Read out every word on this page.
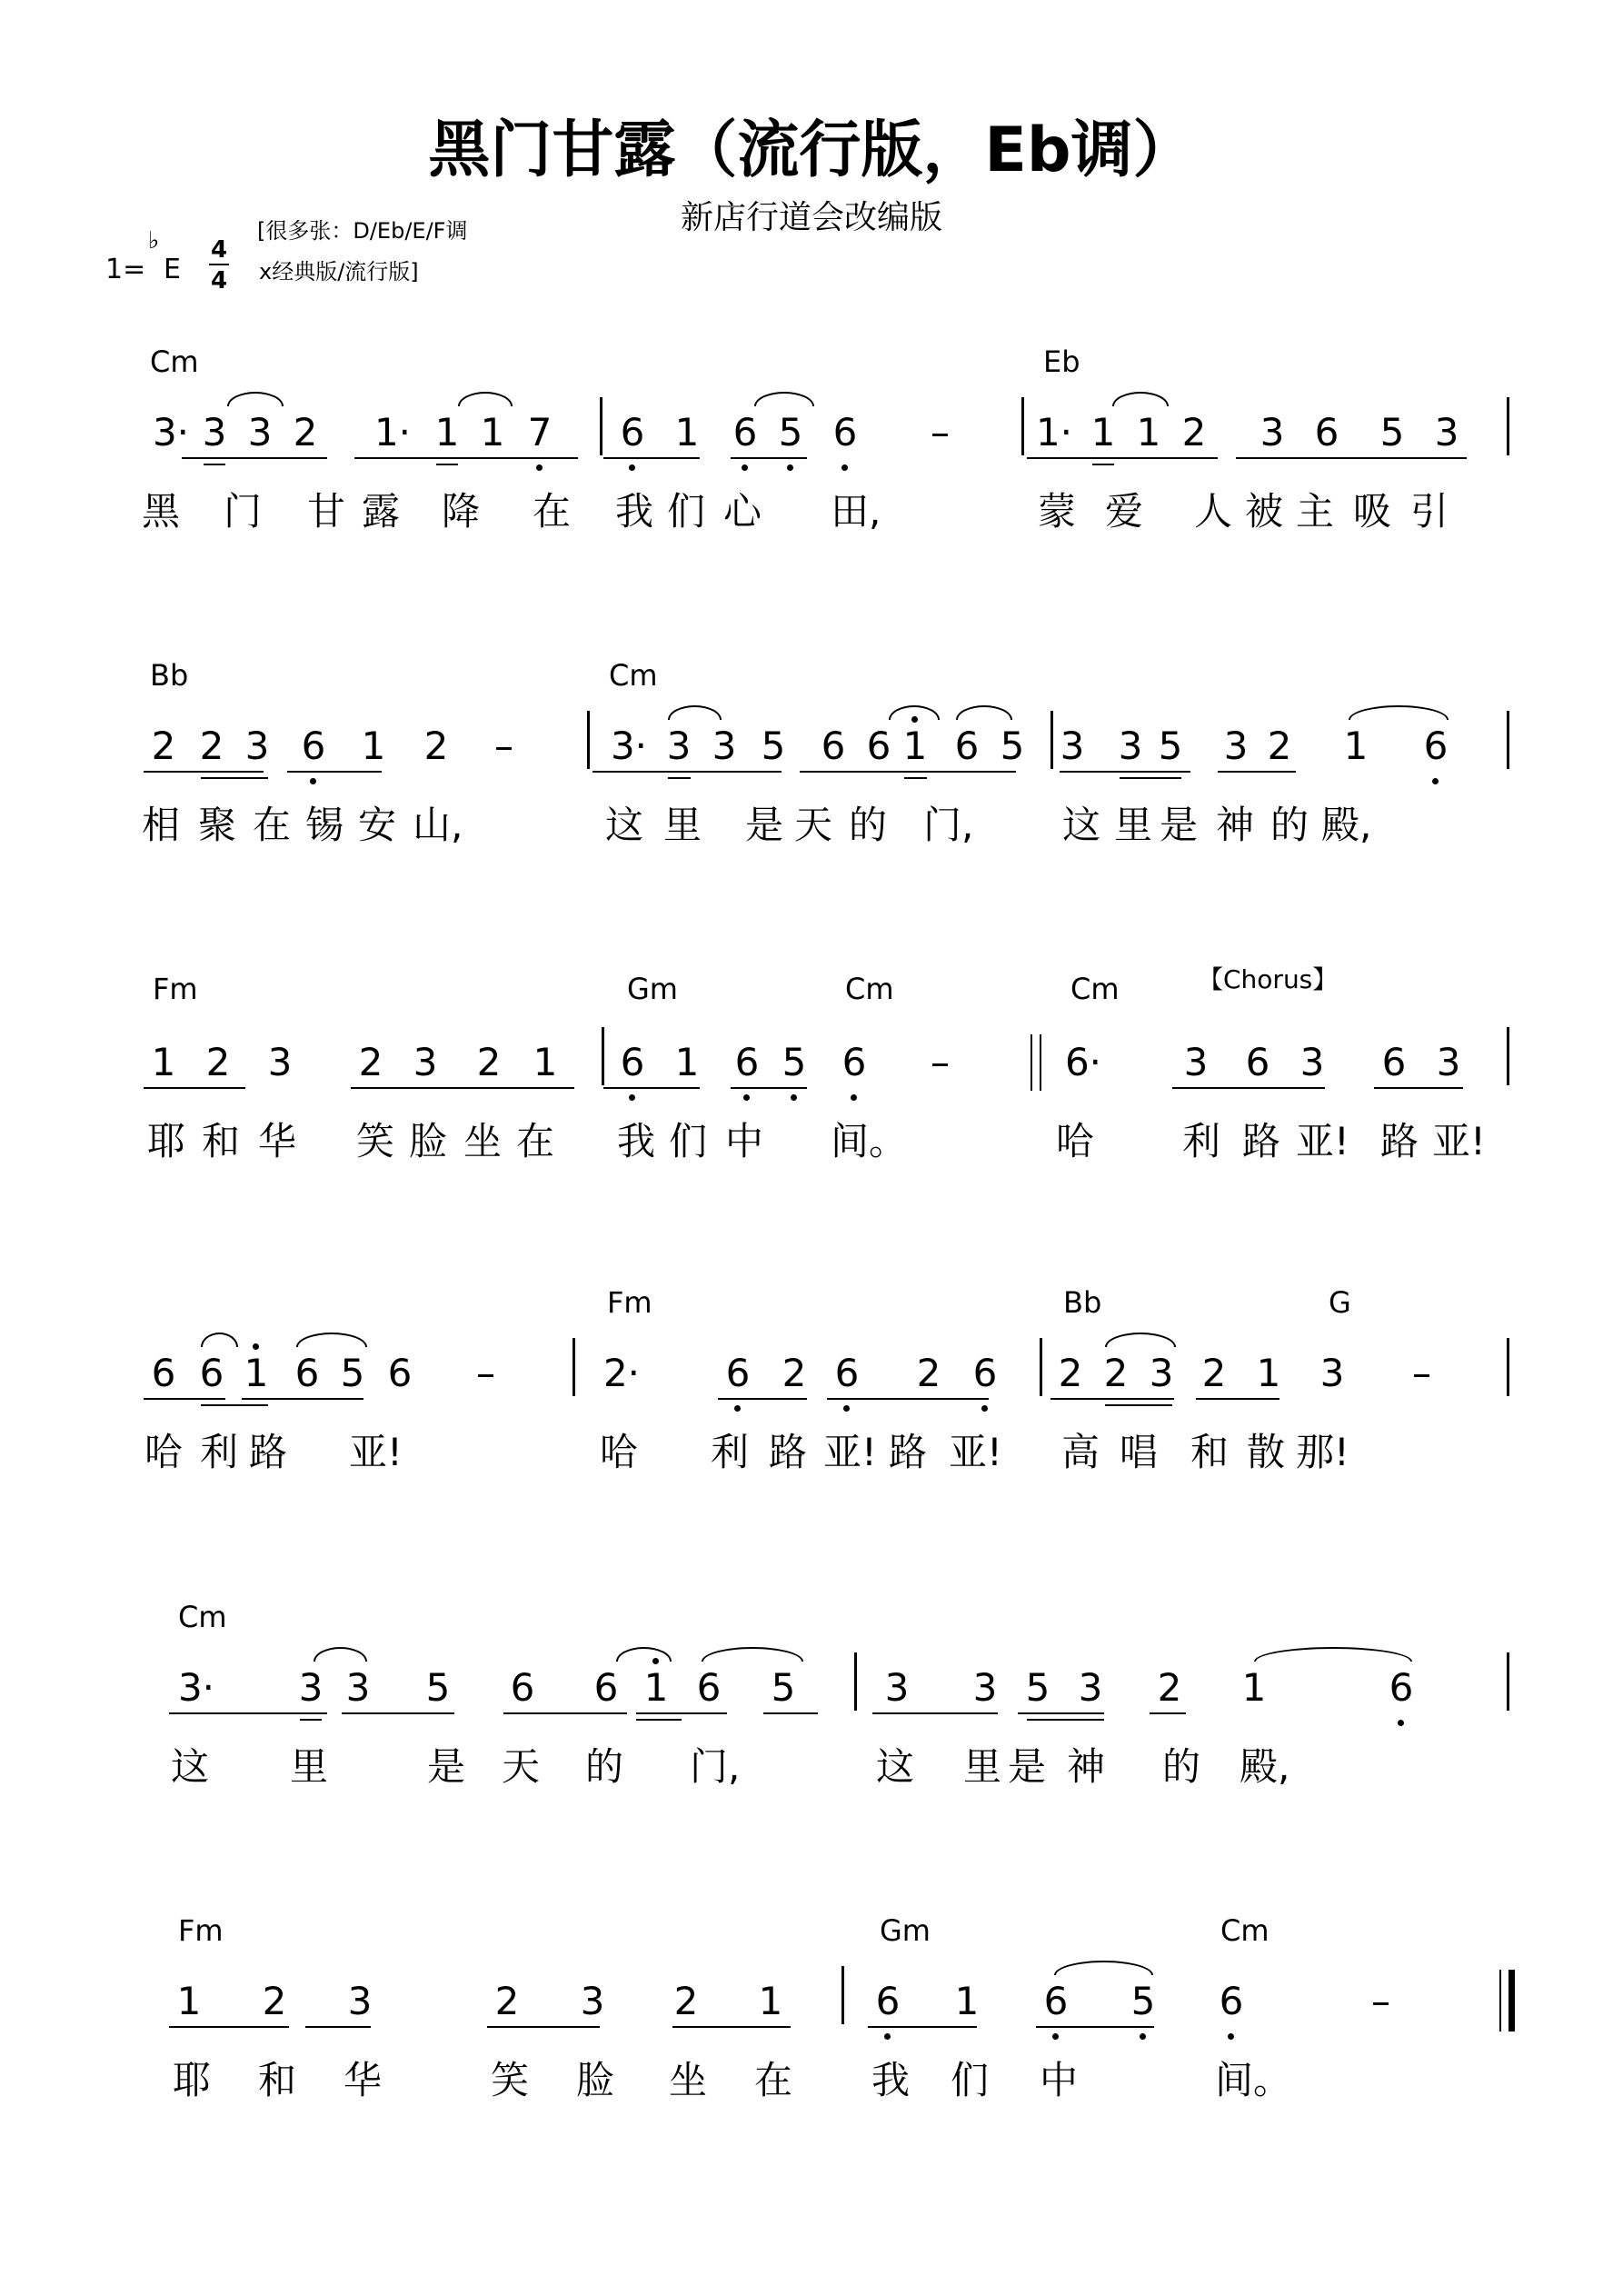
黑门甘露（流行版，Eb调）
新店行道会改编版
1=
♭
E
4
4
[很多张：D/Eb/E/F调
x经典版/流行版]
Cm	Eb
3· 3 3 2 1· 1 1 7 6 1 6 5 6 – 1· 1 1 2 3 6 5 3
黑 门 甘 露 降 在 我 们 心 田,	蒙 爱 人 被 主 吸 引
Bb	Cm
2 2 3 6 1 2 –	3· 3 3 5 6 6 1 6 5 3 3 5 3 2 1 6
相 聚 在 锡 安 山,	这 里 是 天 的 门, 这 里 是 神 的 殿,
Fm	Gm	Cm	Cm
1 2 3 2 3 2 1 6 1 6 5 6 –	6· 3 6 3 6 3
耶 和 华 笑 脸 坐 在 我 们 中 间。	哈 利 路 亚! 路 亚!
Fm	Bb	G
6 6 1 6 5 6 –	2· 6 2 6 2 6 2 2 3 2 1 3 –
哈 利 路 亚!	哈 利 路 亚! 路 亚! 高 唱 和 散 那!
Cm
3· 3 3 5 6 6 1 6 5 3 3 5 3 2 1	6
这 里	是 天 的 门,	这 里 是 神 的 殿,
Fm	Gm	Cm
1 2 3	2 3 2 1 6 1 6 5 6	–
耶 和 华	笑 脸 坐 在 我 们 中	间。
【Chorus】
